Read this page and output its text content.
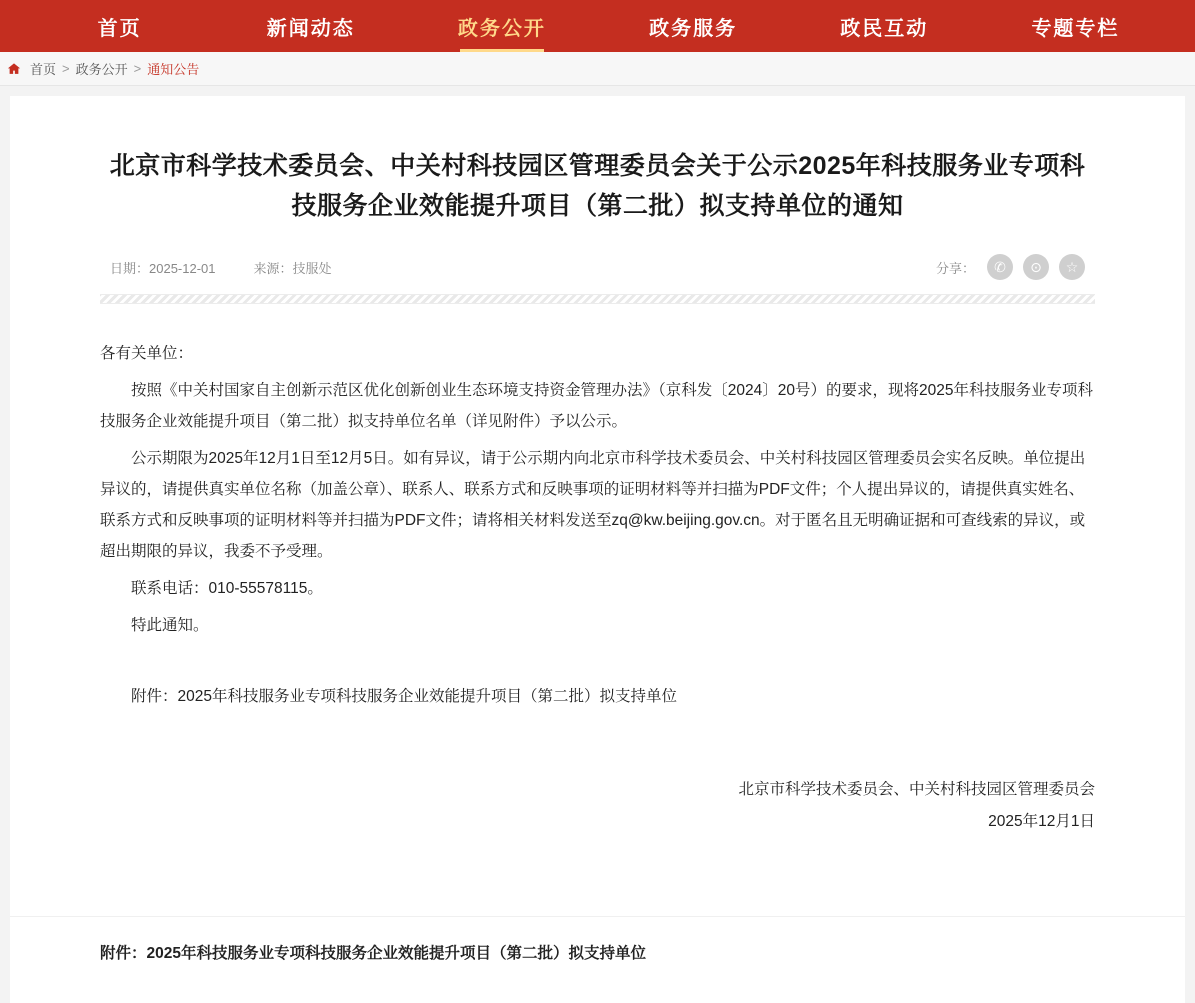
首页	新闻动态	政务公开	政务服务	政民互动	专题专栏
首页 > 政务公开 > 通知公告
北京市科学技术委员会、中关村科技园区管理委员会关于公示2025年科技服务业专项科技服务企业效能提升项目（第二批）拟支持单位的通知
日期：2025-12-01	来源：技服处	分享：	✆	⊙	☆

各有关单位：

按照《中关村国家自主创新示范区优化创新创业生态环境支持资金管理办法》（京科发〔2024〕20号）的要求，现将2025年科技服务业专项科技服务企业效能提升项目（第二批）拟支持单位名单（详见附件）予以公示。

公示期限为2025年12月1日至12月5日。如有异议，请于公示期内向北京市科学技术委员会、中关村科技园区管理委员会实名反映。单位提出异议的，请提供真实单位名称（加盖公章）、联系人、联系方式和反映事项的证明材料等并扫描为PDF文件；个人提出异议的，请提供真实姓名、联系方式和反映事项的证明材料等并扫描为PDF文件；请将相关材料发送至zq@kw.beijing.gov.cn。对于匿名且无明确证据和可查线索的异议，或超出期限的异议，我委不予受理。

联系电话：010-55578115。

特此通知。

附件：2025年科技服务业专项科技服务企业效能提升项目（第二批）拟支持单位

北京市科学技术委员会、中关村科技园区管理委员会
2025年12月1日
附件：2025年科技服务业专项科技服务企业效能提升项目（第二批）拟支持单位
